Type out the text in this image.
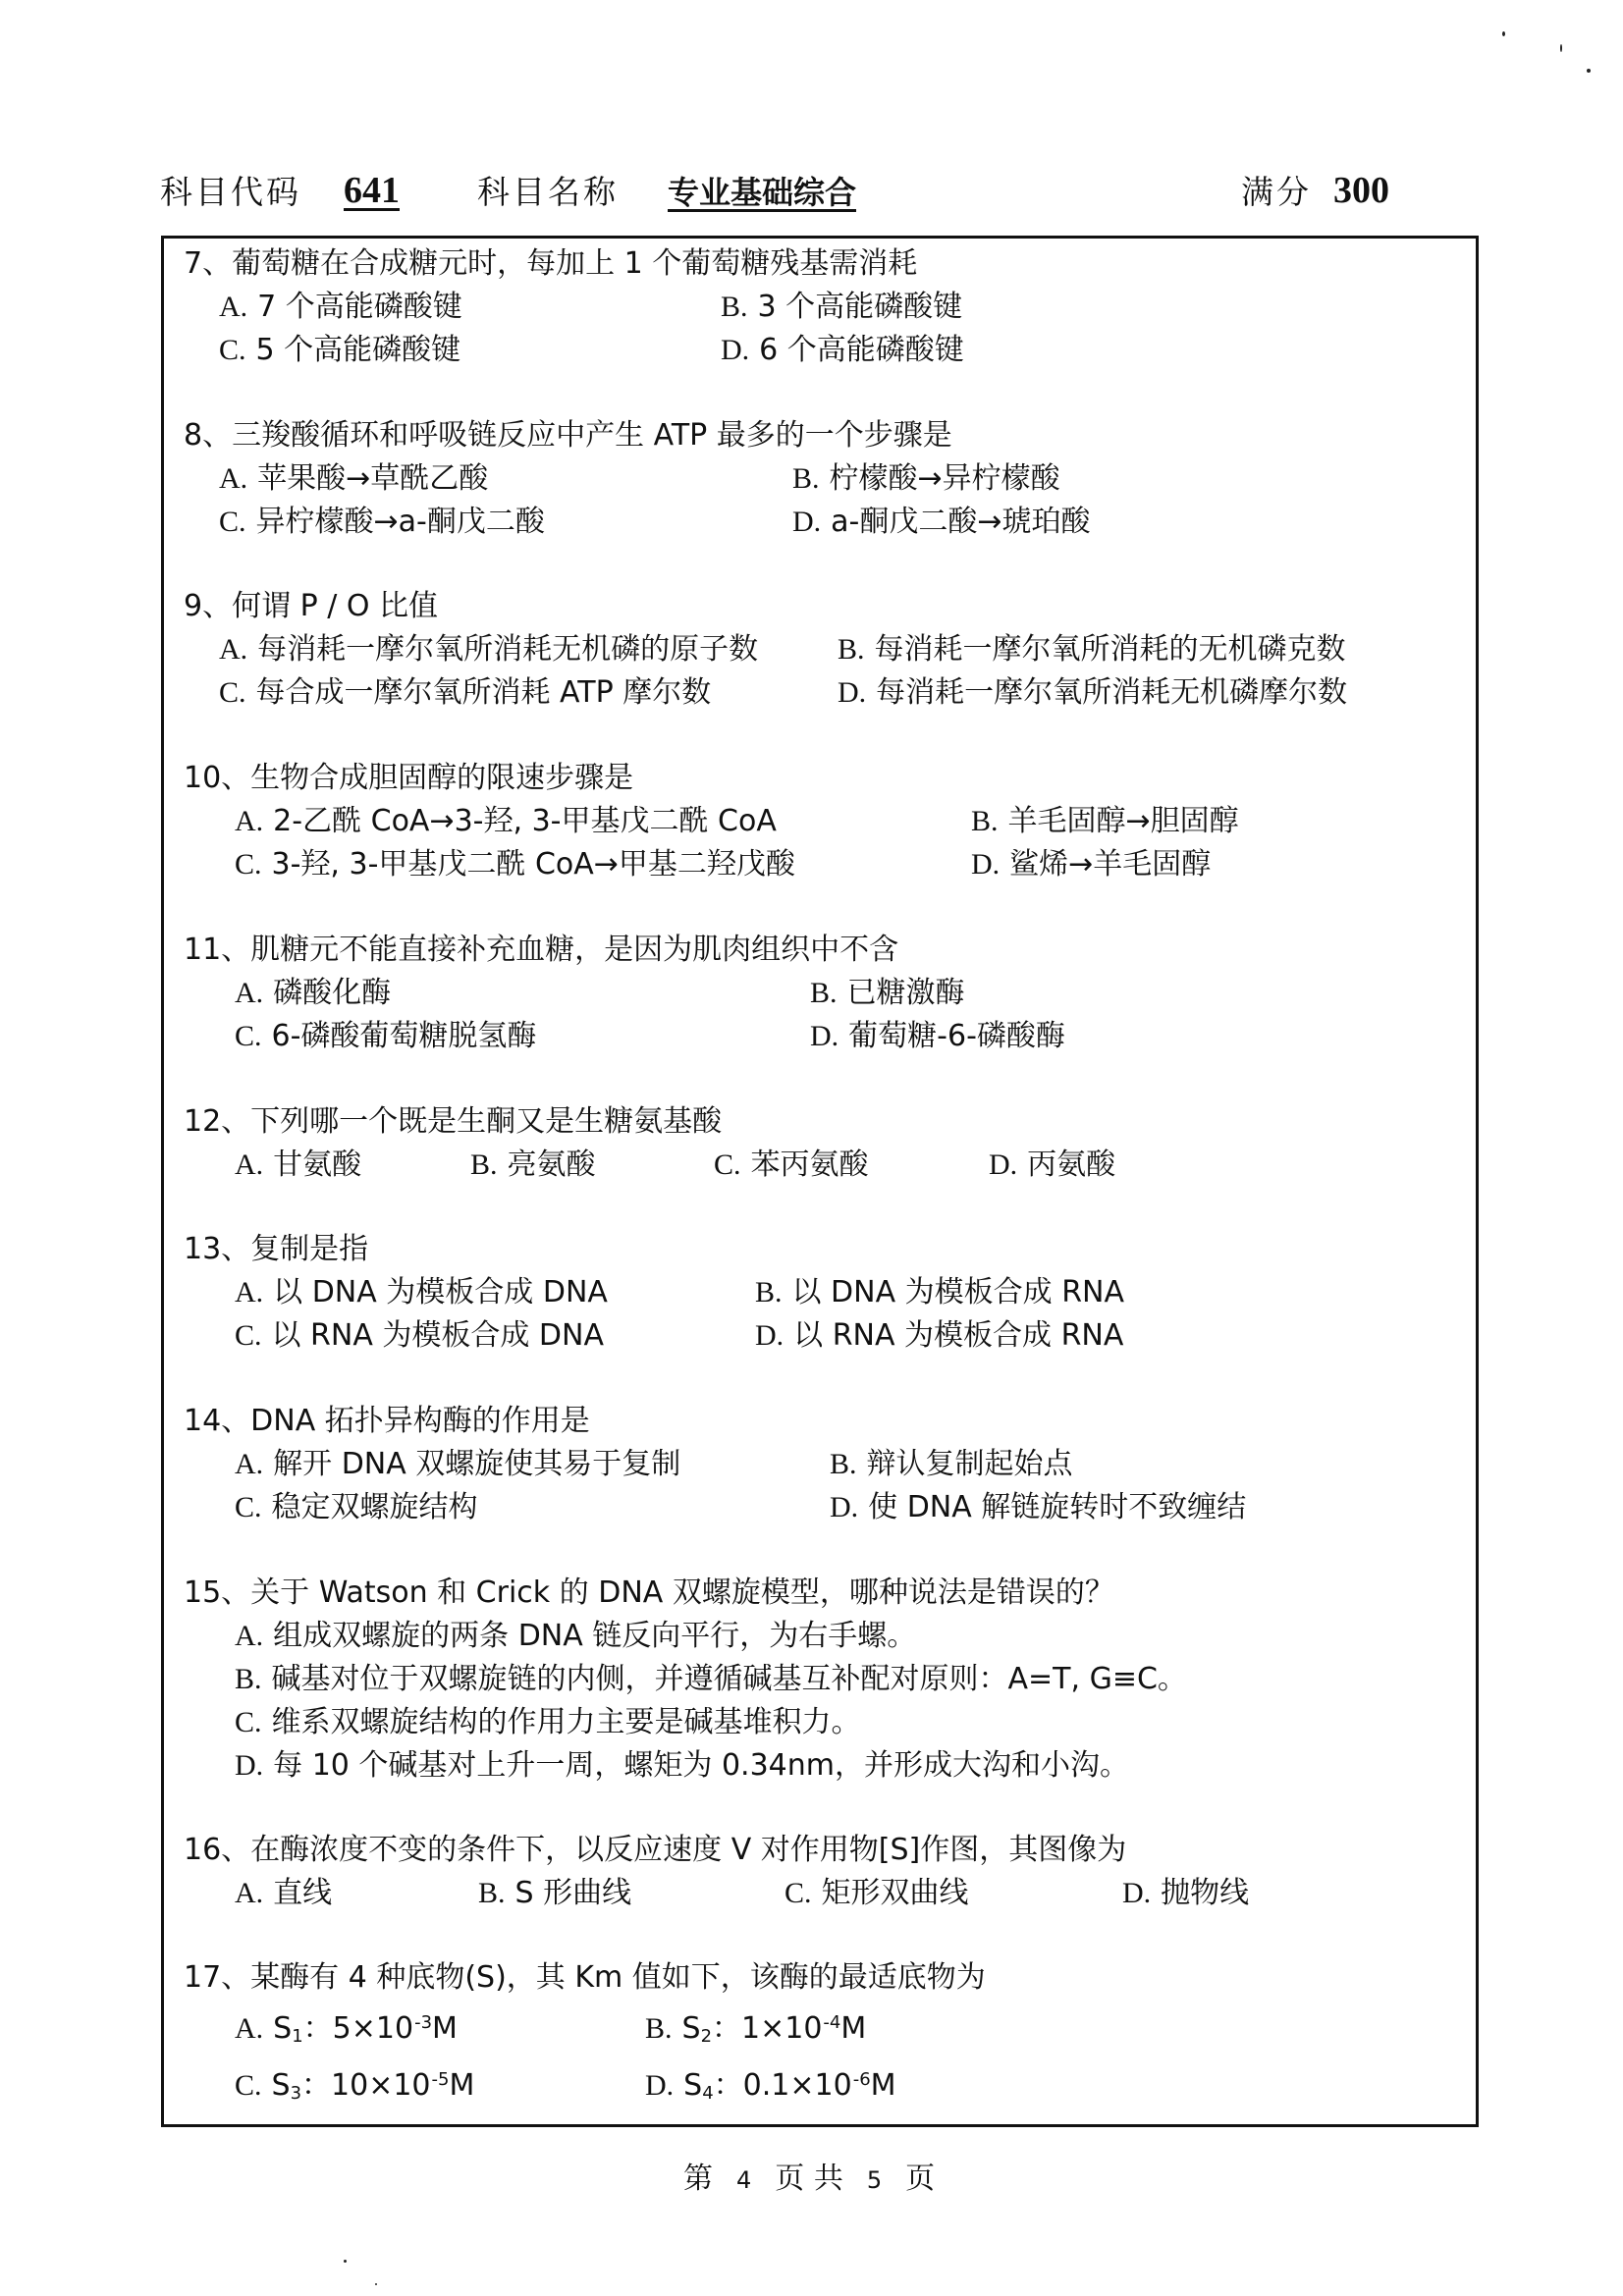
科目代码 641 科目名称 专业基础综合	满分 300
7、葡萄糖在合成糖元时，每加上 1 个葡萄糖残基需消耗
A. 7 个高能磷酸键	B. 3 个高能磷酸键
C. 5 个高能磷酸键	D. 6 个高能磷酸键
8、三羧酸循环和呼吸链反应中产生 ATP 最多的一个步骤是
A. 苹果酸→草酰乙酸	B. 柠檬酸→异柠檬酸
C. 异柠檬酸→a-酮戊二酸	D. a-酮戊二酸→琥珀酸
9、何谓 P / O 比值
A. 每消耗一摩尔氧所消耗无机磷的原子数	B. 每消耗一摩尔氧所消耗的无机磷克数
C. 每合成一摩尔氧所消耗 ATP 摩尔数	D. 每消耗一摩尔氧所消耗无机磷摩尔数
10、生物合成胆固醇的限速步骤是
A. 2-乙酰 CoA→3-羟, 3-甲基戊二酰 CoA	B. 羊毛固醇→胆固醇
C. 3-羟, 3-甲基戊二酰 CoA→甲基二羟戊酸	D. 鲨烯→羊毛固醇
11、肌糖元不能直接补充血糖，是因为肌肉组织中不含
A. 磷酸化酶	B. 已糖激酶
C. 6-磷酸葡萄糖脱氢酶	D. 葡萄糖-6-磷酸酶
12、下列哪一个既是生酮又是生糖氨基酸
A. 甘氨酸	B. 亮氨酸	C. 苯丙氨酸	D. 丙氨酸
13、复制是指
A. 以 DNA 为模板合成 DNA	B. 以 DNA 为模板合成 RNA
C. 以 RNA 为模板合成 DNA	D. 以 RNA 为模板合成 RNA
14、DNA 拓扑异构酶的作用是
A. 解开 DNA 双螺旋使其易于复制	B. 辩认复制起始点
C. 稳定双螺旋结构	D. 使 DNA 解链旋转时不致缠结
15、关于 Watson 和 Crick 的 DNA 双螺旋模型，哪种说法是错误的？
A. 组成双螺旋的两条 DNA 链反向平行，为右手螺。
B. 碱基对位于双螺旋链的内侧，并遵循碱基互补配对原则：A=T, G≡C。
C. 维系双螺旋结构的作用力主要是碱基堆积力。
D. 每 10 个碱基对上升一周，螺矩为 0.34nm，并形成大沟和小沟。
16、在酶浓度不变的条件下，以反应速度 V 对作用物[S]作图，其图像为
A. 直线	B. S 形曲线	C. 矩形双曲线	D. 抛物线
17、某酶有 4 种底物(S)，其 Km 值如下，该酶的最适底物为
A. $S_1$：$5\times 10^{-3}M$	B. $S_2$：$1\times 10^{-4}M$
C. $S_3$：$10\times 10^{-5}M$	D. $S_4$：$0.1\times 10^{-6}M$
第 4 页 共 5 页
